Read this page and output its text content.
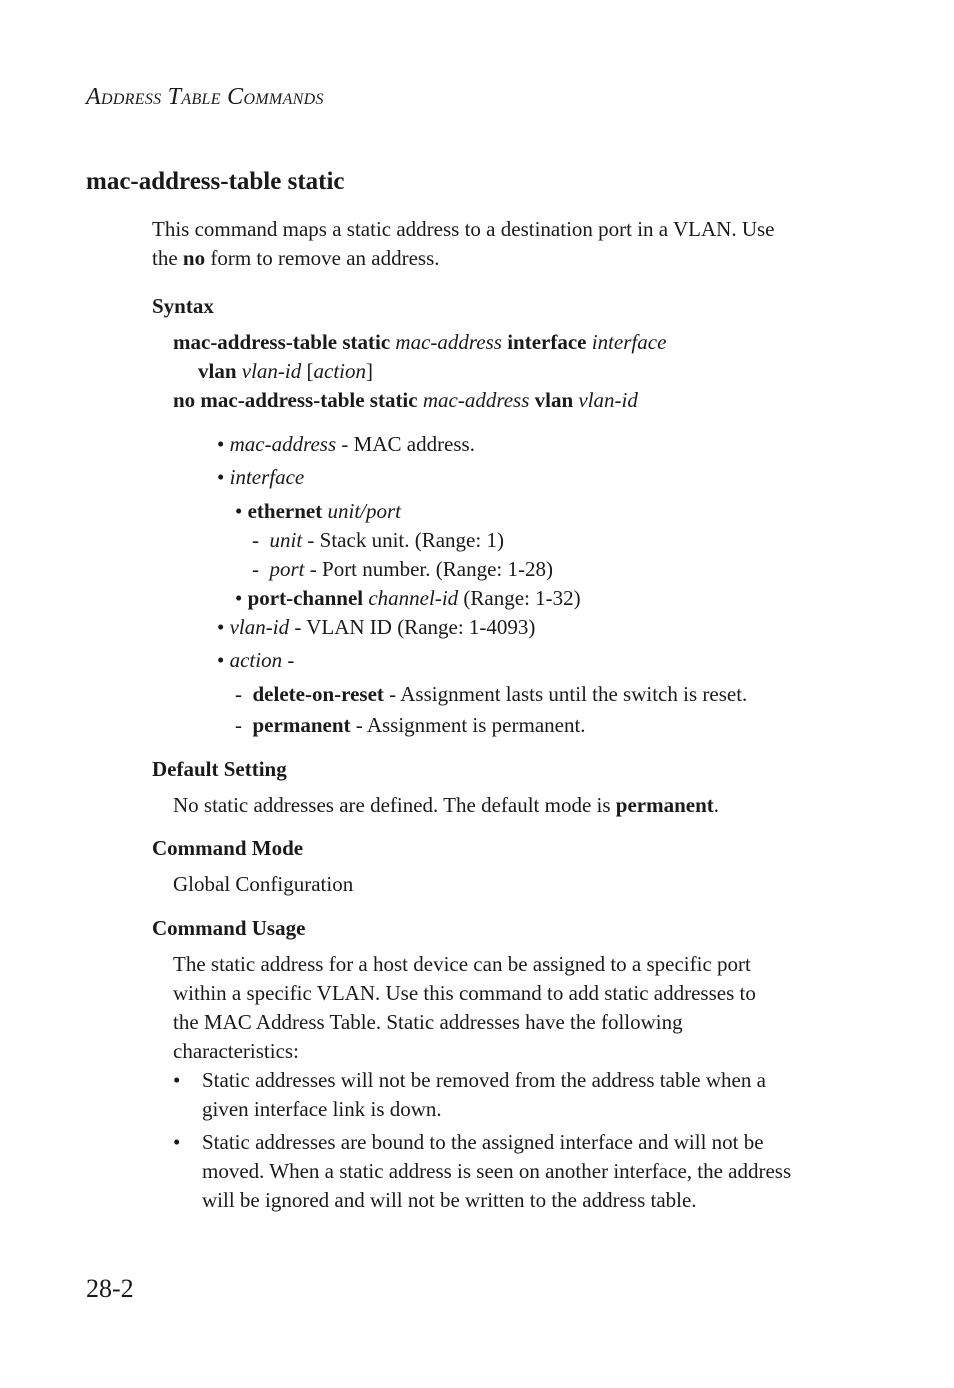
ADDRESS TABLE COMMANDS
mac-address-table static
This command maps a static address to a destination port in a VLAN. Use
the no form to remove an address.
Syntax
mac-address-table static mac-address interface interface
vlan vlan-id [action]
no mac-address-table static mac-address vlan vlan-id
• mac-address - MAC address.
• interface
• ethernet unit/port
-  unit - Stack unit. (Range: 1)
-  port - Port number. (Range: 1-28)
• port-channel channel-id (Range: 1-32)
• vlan-id - VLAN ID (Range: 1-4093)
• action -
-  delete-on-reset - Assignment lasts until the switch is reset.
-  permanent - Assignment is permanent.
Default Setting
No static addresses are defined. The default mode is permanent.
Command Mode
Global Configuration
Command Usage
The static address for a host device can be assigned to a specific port
within a specific VLAN. Use this command to add static addresses to
the MAC Address Table. Static addresses have the following
characteristics:
• Static addresses will not be removed from the address table when a
given interface link is down.
• Static addresses are bound to the assigned interface and will not be
moved. When a static address is seen on another interface, the address
will be ignored and will not be written to the address table.
28-2
